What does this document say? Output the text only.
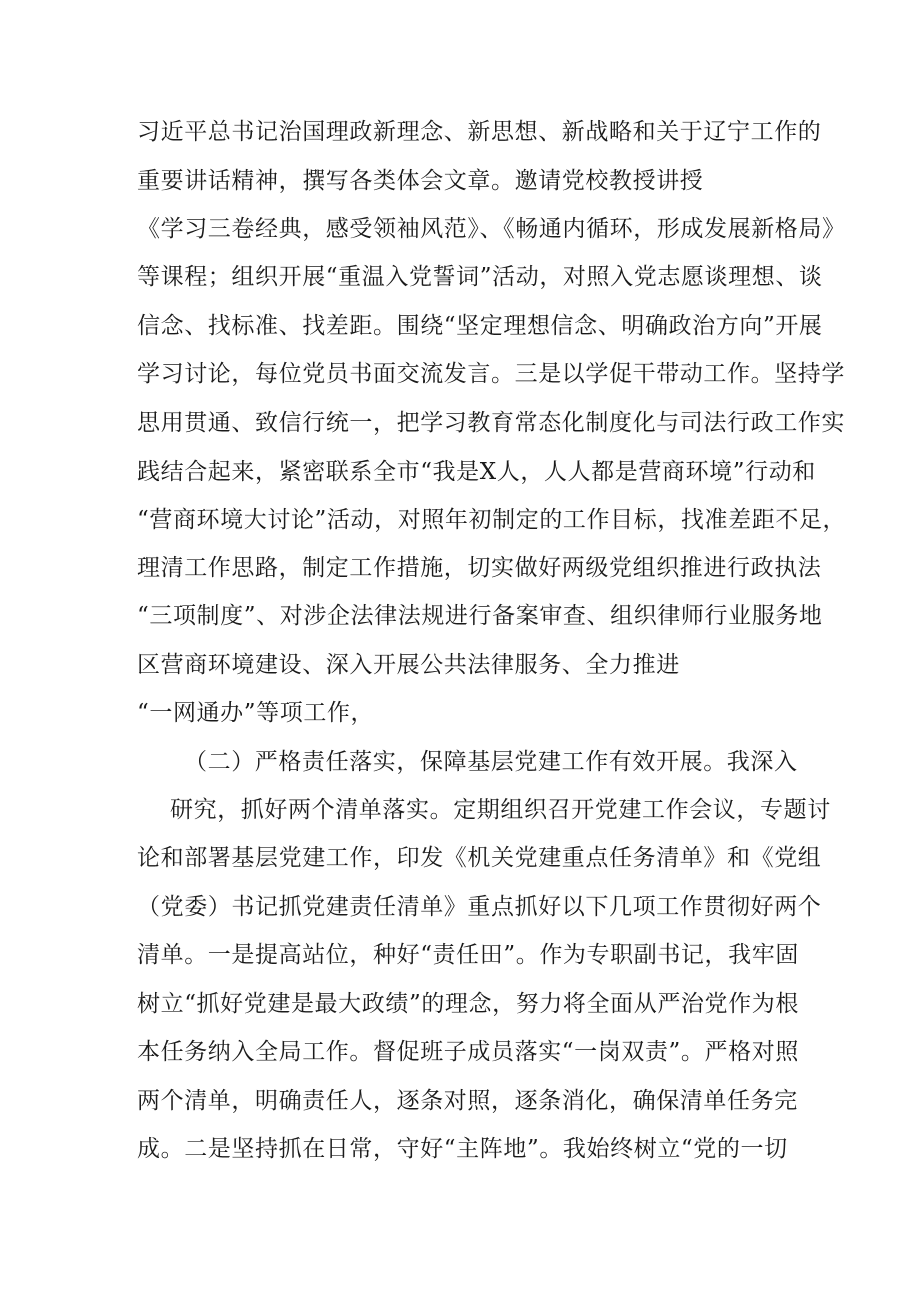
习近平总书记治国理政新理念、新思想、新战略和关于辽宁工作的
重要讲话精神，撰写各类体会文章。邀请党校教授讲授
《学习三卷经典，感受领袖风范》、《畅通内循环，形成发展新格局》
等课程；组织开展“重温入党誓词”活动，对照入党志愿谈理想、谈
信念、找标准、找差距。围绕“坚定理想信念、明确政治方向”开展
学习讨论，每位党员书面交流发言。三是以学促干带动工作。坚持学
思用贯通、致信行统一，把学习教育常态化制度化与司法行政工作实
践结合起来，紧密联系全市“我是X人，人人都是营商环境”行动和
“营商环境大讨论”活动，对照年初制定的工作目标，找准差距不足，
理清工作思路，制定工作措施，切实做好两级党组织推进行政执法
“三项制度”、对涉企法律法规进行备案审查、组织律师行业服务地
区营商环境建设、深入开展公共法律服务、全力推进
“一网通办”等项工作，
（二）严格责任落实，保障基层党建工作有效开展。我深入
研究，抓好两个清单落实。定期组织召开党建工作会议，专题讨
论和部署基层党建工作，印发《机关党建重点任务清单》和《党组
（党委）书记抓党建责任清单》重点抓好以下几项工作贯彻好两个
清单。一是提高站位，种好“责任田”。作为专职副书记，我牢固
树立“抓好党建是最大政绩”的理念，努力将全面从严治党作为根
本任务纳入全局工作。督促班子成员落实“一岗双责”。严格对照
两个清单，明确责任人，逐条对照，逐条消化，确保清单任务完
成。二是坚持抓在日常，守好“主阵地”。我始终树立“党的一切
